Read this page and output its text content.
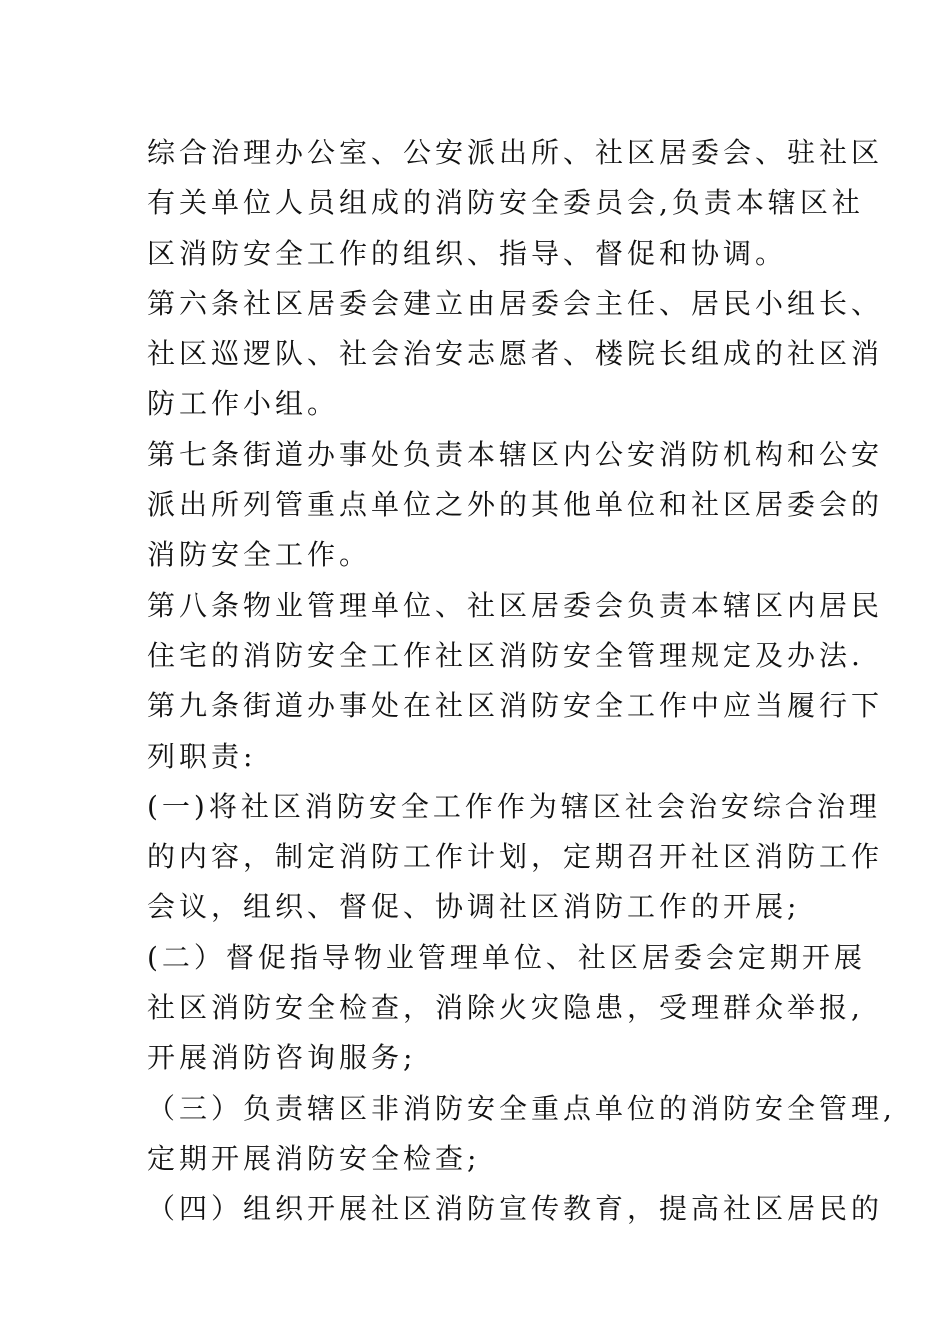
综合治理办公室、公安派出所、社区居委会、驻社区
有关单位人员组成的消防安全委员会,负责本辖区社
区消防安全工作的组织、指导、督促和协调。
第六条社区居委会建立由居委会主任、居民小组长、
社区巡逻队、社会治安志愿者、楼院长组成的社区消
防工作小组。
第七条街道办事处负责本辖区内公安消防机构和公安
派出所列管重点单位之外的其他单位和社区居委会的
消防安全工作。
第八条物业管理单位、社区居委会负责本辖区内居民
住宅的消防安全工作社区消防安全管理规定及办法.
第九条街道办事处在社区消防安全工作中应当履行下
列职责:
(一)将社区消防安全工作作为辖区社会治安综合治理
的内容，制定消防工作计划，定期召开社区消防工作
会议，组织、督促、协调社区消防工作的开展;
(二）督促指导物业管理单位、社区居委会定期开展
社区消防安全检查，消除火灾隐患，受理群众举报,
开展消防咨询服务;
（三）负责辖区非消防安全重点单位的消防安全管理,
定期开展消防安全检查;
（四）组织开展社区消防宣传教育，提高社区居民的
